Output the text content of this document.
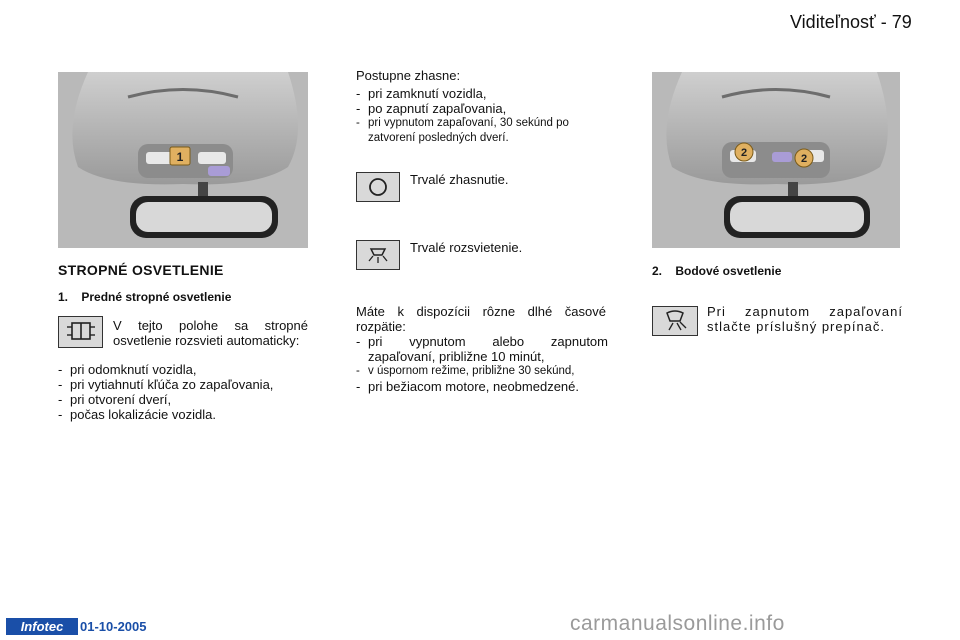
Viditeľnosť - 79
1
STROPNÉ OSVETLENIE
1.    Predné stropné osvetlenie
V tejto polohe sa stropné osvetlenie rozsvieti automaticky:
- pri odomknutí vozidla,
- pri vytiahnutí kľúča zo zapaľovania,
- pri otvorení dverí,
- počas lokalizácie vozidla.
Postupne zhasne:
- pri zamknutí vozidla,
- po zapnutí zapaľovania,
- pri vypnutom zapaľovaní, 30 sekúnd po zatvorení posledných dverí.
Trvalé zhasnutie.
Trvalé rozsvietenie.
Máte k dispozícii rôzne dlhé časové rozpätie:
- pri vypnutom alebo zapnutom zapaľovaní, približne 10 minút,
- v úspornom režime, približne 30 sekúnd,
- pri bežiacom motore, neobmedzené.
2	2
2.    Bodové osvetlenie
Pri zapnutom zapaľovaní stlačte príslušný prepínač.
Infotec	01-10-2005	carmanualsonline.info
